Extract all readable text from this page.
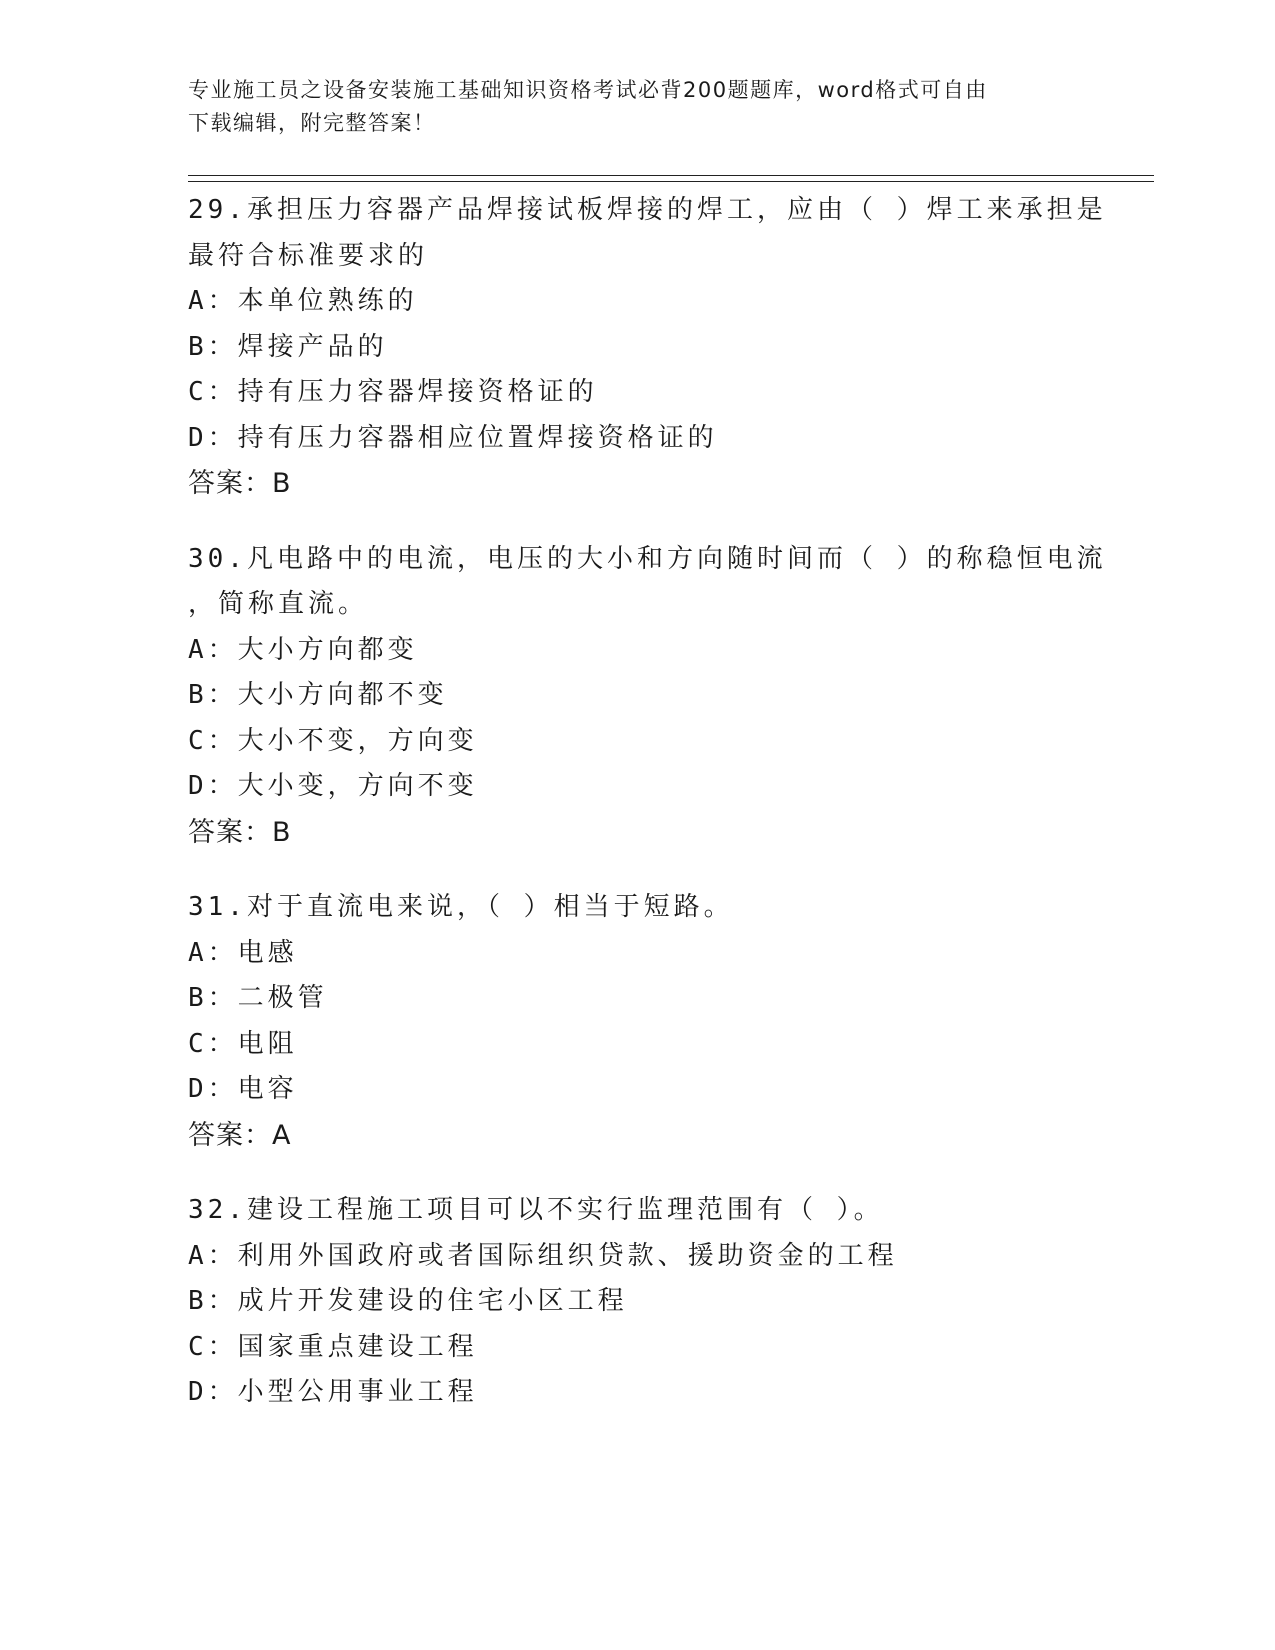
专业施工员之设备安装施工基础知识资格考试必背200题题库，word格式可自由
下载编辑，附完整答案！
29.承担压力容器产品焊接试板焊接的焊工，应由（ ）焊工来承担是
最符合标准要求的
A：本单位熟练的
B：焊接产品的
C：持有压力容器焊接资格证的
D：持有压力容器相应位置焊接资格证的
答案：B
30.凡电路中的电流，电压的大小和方向随时间而（ ）的称稳恒电流
，简称直流。
A：大小方向都变
B：大小方向都不变
C：大小不变，方向变
D：大小变，方向不变
答案：B
31.对于直流电来说，（ ）相当于短路。
A：电感
B：二极管
C：电阻
D：电容
答案：A
32.建设工程施工项目可以不实行监理范围有（ ）。
A：利用外国政府或者国际组织贷款、援助资金的工程
B：成片开发建设的住宅小区工程
C：国家重点建设工程
D：小型公用事业工程
